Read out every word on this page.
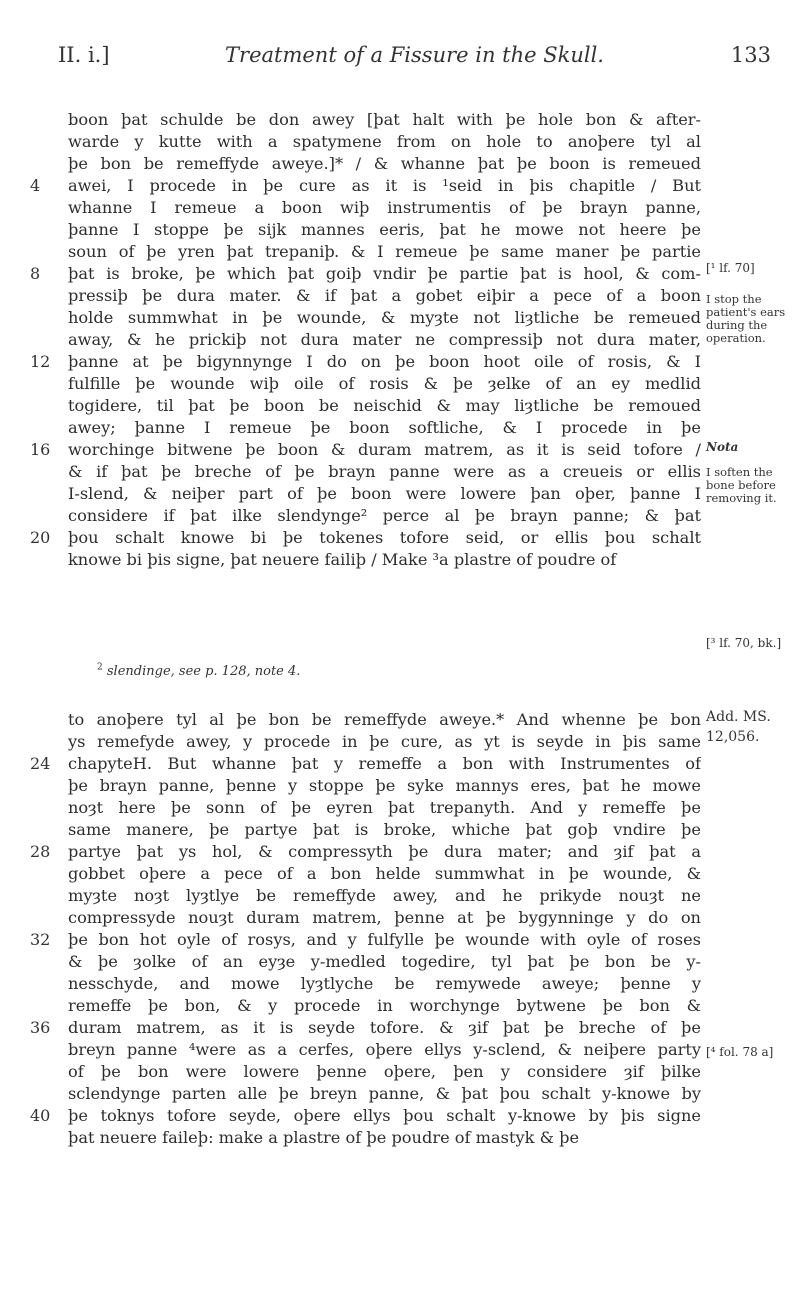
II. i.]	Treatment of a Fissure in the Skull.	133
boon þat schulde be don awey [þat halt with þe hole bon & after-
warde y kutte with a spatymene from on hole to anoþere tyl al
þe bon be remeffyde aweye.]* / & whanne þat þe boon is remeued
awei, I procede in þe cure as it is ¹seid in þis chapitle / But
whanne I remeue a boon wiþ instrumentis of þe brayn panne,
þanne I stoppe þe sijk mannes eeris, þat he mowe not heere þe
soun of þe yren þat trepaniþ. & I remeue þe same maner þe partie
þat is broke, þe which þat goiþ vndir þe partie þat is hool, & com-
pressiþ þe dura mater. & if þat a gobet eiþir a pece of a boon
holde summwhat in þe wounde, & myȝte not liȝtliche be remeued
away, & he prickiþ not dura mater ne compressiþ not dura mater,
þanne at þe bigynnynge I do on þe boon hoot oile of rosis, & I
fulfille þe wounde wiþ oile of rosis & þe ȝelke of an ey medlid
togidere, til þat þe boon be neischid & may liȝtliche be remoued
awey; þanne I remeue þe boon softliche, & I procede in þe
worchinge bitwene þe boon & duram matrem, as it is seid tofore /
& if þat þe breche of þe brayn panne were as a creueis or ellis
I-slend, & neiþer part of þe boon were lowere þan oþer, þanne I
considere if þat ilke slendynge² perce al þe brayn panne; & þat
þou schalt knowe bi þe tokenes tofore seid, or ellis þou schalt
knowe bi þis signe, þat neuere failiþ / Make ³a plastre of poudre of
$^2$ slendinge, see p. 128, note 4.
to anoþere tyl al þe bon be remeffyde aweye.* And whenne þe bon
ys remefyde awey, y procede in þe cure, as yt is seyde in þis same
chapyteH. But whanne þat y remeffe a bon with Instrumentes of
þe brayn panne, þenne y stoppe þe syke mannys eres, þat he mowe
noȝt here þe sonn of þe eyren þat trepanyth. And y remeffe þe
same manere, þe partye þat is broke, whiche þat goþ vndire þe
partye þat ys hol, & compressyth þe dura mater; and ȝif þat a
gobbet oþere a pece of a bon helde summwhat in þe wounde, &
myȝte noȝt lyȝtlye be remeffyde awey, and he prikyde nouȝt ne
compressyde nouȝt duram matrem, þenne at þe bygynninge y do on
þe bon hot oyle of rosys, and y fulfylle þe wounde with oyle of roses
& þe ȝolke of an eyȝe y-medled togedire, tyl þat þe bon be y-
nesschyde, and mowe lyȝtlyche be remywede aweye; þenne y
remeffe þe bon, & y procede in worchynge bytwene þe bon &
duram matrem, as it is seyde tofore. & ȝif þat þe breche of þe
breyn panne ⁴were as a cerfes, oþere ellys y-sclend, & neiþere party
of þe bon were lowere þenne oþere, þen y considere ȝif þilke
sclendynge parten alle þe breyn panne, & þat þou schalt y-knowe by
þe toknys tofore seyde, oþere ellys þou schalt y-knowe by þis signe
þat neuere faileþ: make a plastre of þe poudre of mastyk & þe
4
8
12
16
20
24
28
32
36
40
[¹ lf. 70]
I stop the
patient's ears
during the
operation.
Nota
I soften the
bone before
removing it.
[³ lf. 70, bk.]
Add. MS.
12,056.
[⁴ fol. 78 a]
